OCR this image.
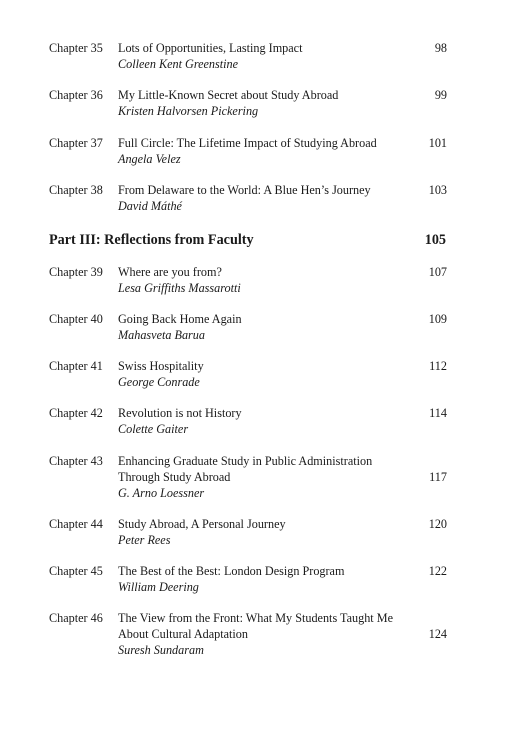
Chapter 35 Lots of Opportunities, Lasting Impact
Colleen Kent Greenstine
98
Chapter 36 My Little-Known Secret about Study Abroad
Kristen Halvorsen Pickering
99
Chapter 37 Full Circle: The Lifetime Impact of Studying Abroad
Angela Velez
101
Chapter 38 From Delaware to the World: A Blue Hen’s Journey
David Máthé
103
Part III: Reflections from Faculty	105
Chapter 39 Where are you from?
Lesa Griffiths Massarotti
107
Chapter 40 Going Back Home Again
Mahasveta Barua
109
Chapter 41 Swiss Hospitality
George Conrade
112
Chapter 42 Revolution is not History
Colette Gaiter
114
Chapter 43 Enhancing Graduate Study in Public Administration
Through Study Abroad
G. Arno Loessner
117
Chapter 44 Study Abroad, A Personal Journey
Peter Rees
120
Chapter 45 The Best of the Best: London Design Program
William Deering
122
Chapter 46 The View from the Front: What My Students Taught Me
About Cultural Adaptation
Suresh Sundaram
124
